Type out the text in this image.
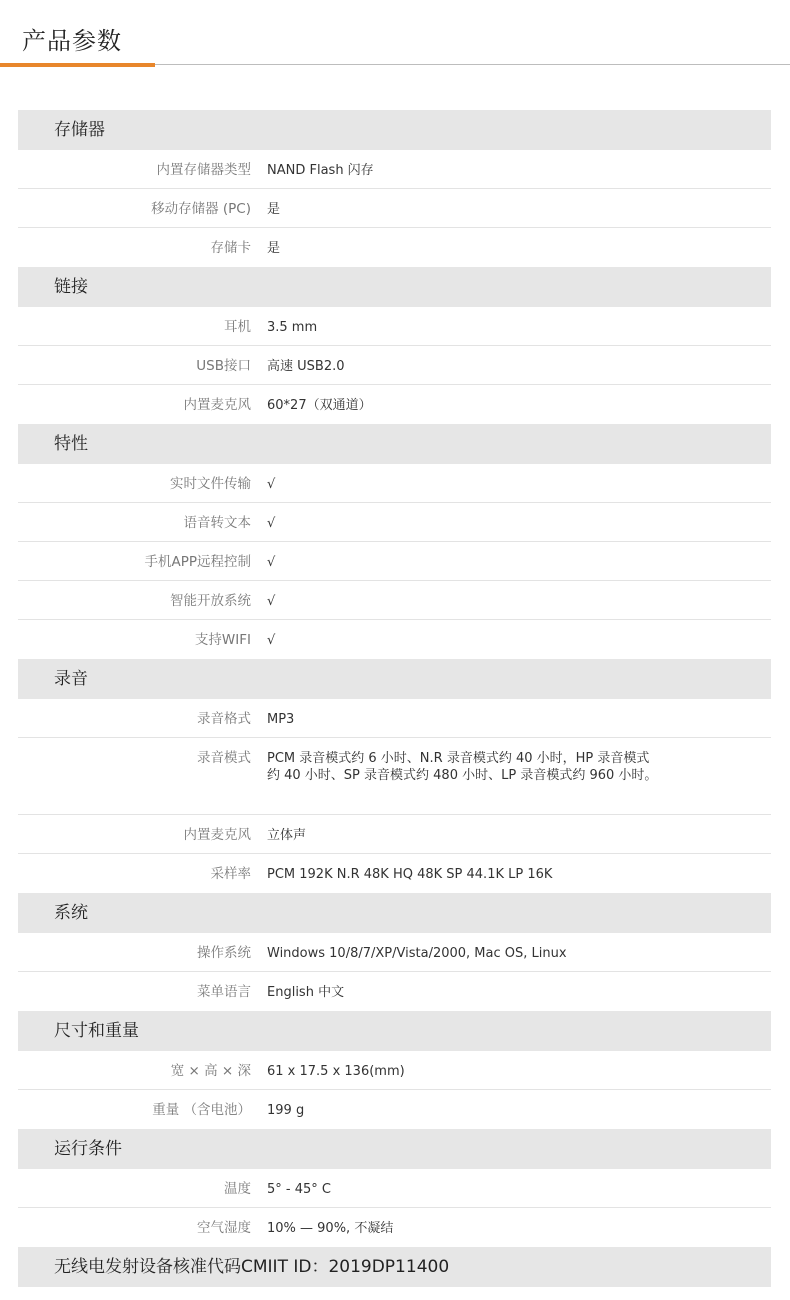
产品参数
存储器
内置存储器类型 NAND Flash 闪存
移动存储器 (PC) 是
存储卡 是
链接
耳机 3.5 mm
USB接口 高速 USB2.0
内置麦克风 60*27（双通道）
特性
实时文件传输 √
语音转文本 √
手机APP远程控制 √
智能开放系统 √
支持WIFI √
录音
录音格式 MP3
录音模式 PCM 录音模式约 6 小时、N.R 录音模式约 40 小时，HP 录音模式
约 40 小时、SP 录音模式约 480 小时、LP 录音模式约 960 小时。
内置麦克风 立体声
采样率 PCM 192K N.R 48K HQ 48K SP 44.1K LP 16K
系统
操作系统 Windows 10/8/7/XP/Vista/2000, Mac OS, Linux
菜单语言 English 中文
尺寸和重量
宽 × 高 × 深 61 x 17.5 x 136(mm)
重量 （含电池） 199 g
运行条件
温度 5° - 45° C
空气湿度 10% — 90%, 不凝结
无线电发射设备核准代码CMIIT ID：2019DP11400
